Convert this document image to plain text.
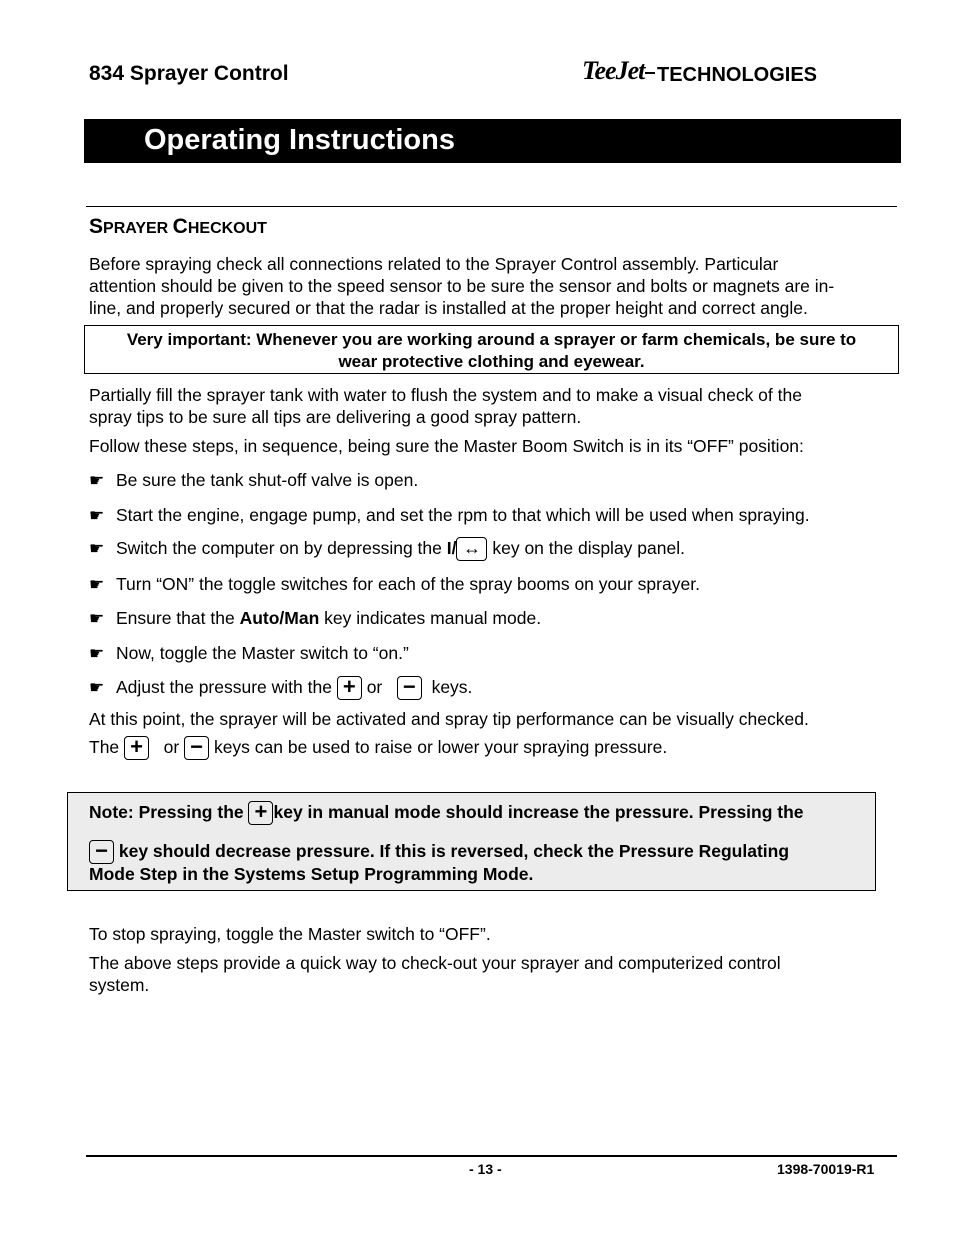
834 Sprayer Control	TeeJet TECHNOLOGIES
Operating Instructions
SPRAYER CHECKOUT
Before spraying check all connections related to the Sprayer Control assembly. Particular
attention should be given to the speed sensor to be sure the sensor and bolts or magnets are in-
line, and properly secured or that the radar is installed at the proper height and correct angle.
Very important: Whenever you are working around a sprayer or farm chemicals, be sure to
wear protective clothing and eyewear.
Partially fill the sprayer tank with water to flush the system and to make a visual check of the
spray tips to be sure all tips are delivering a good spray pattern.
Follow these steps, in sequence, being sure the Master Boom Switch is in its “OFF” position:
☛ Be sure the tank shut-off valve is open.
☛ Start the engine, engage pump, and set the rpm to that which will be used when spraying.
☛ Switch the computer on by depressing the I/ ↔ key on the display panel.
☛ Turn “ON” the toggle switches for each of the spray booms on your sprayer.
☛ Ensure that the Auto/Man key indicates manual mode.
☛ Now, toggle the Master switch to “on.”
☛ Adjust the pressure with the + or − keys.
At this point, the sprayer will be activated and spray tip performance can be visually checked.
The + or − keys can be used to raise or lower your spraying pressure.
Note: Pressing the + key in manual mode should increase the pressure. Pressing the
− key should decrease pressure. If this is reversed, check the Pressure Regulating
Mode Step in the Systems Setup Programming Mode.
To stop spraying, toggle the Master switch to “OFF”.
The above steps provide a quick way to check-out your sprayer and computerized control
system.
- 13 -	1398-70019-R1
